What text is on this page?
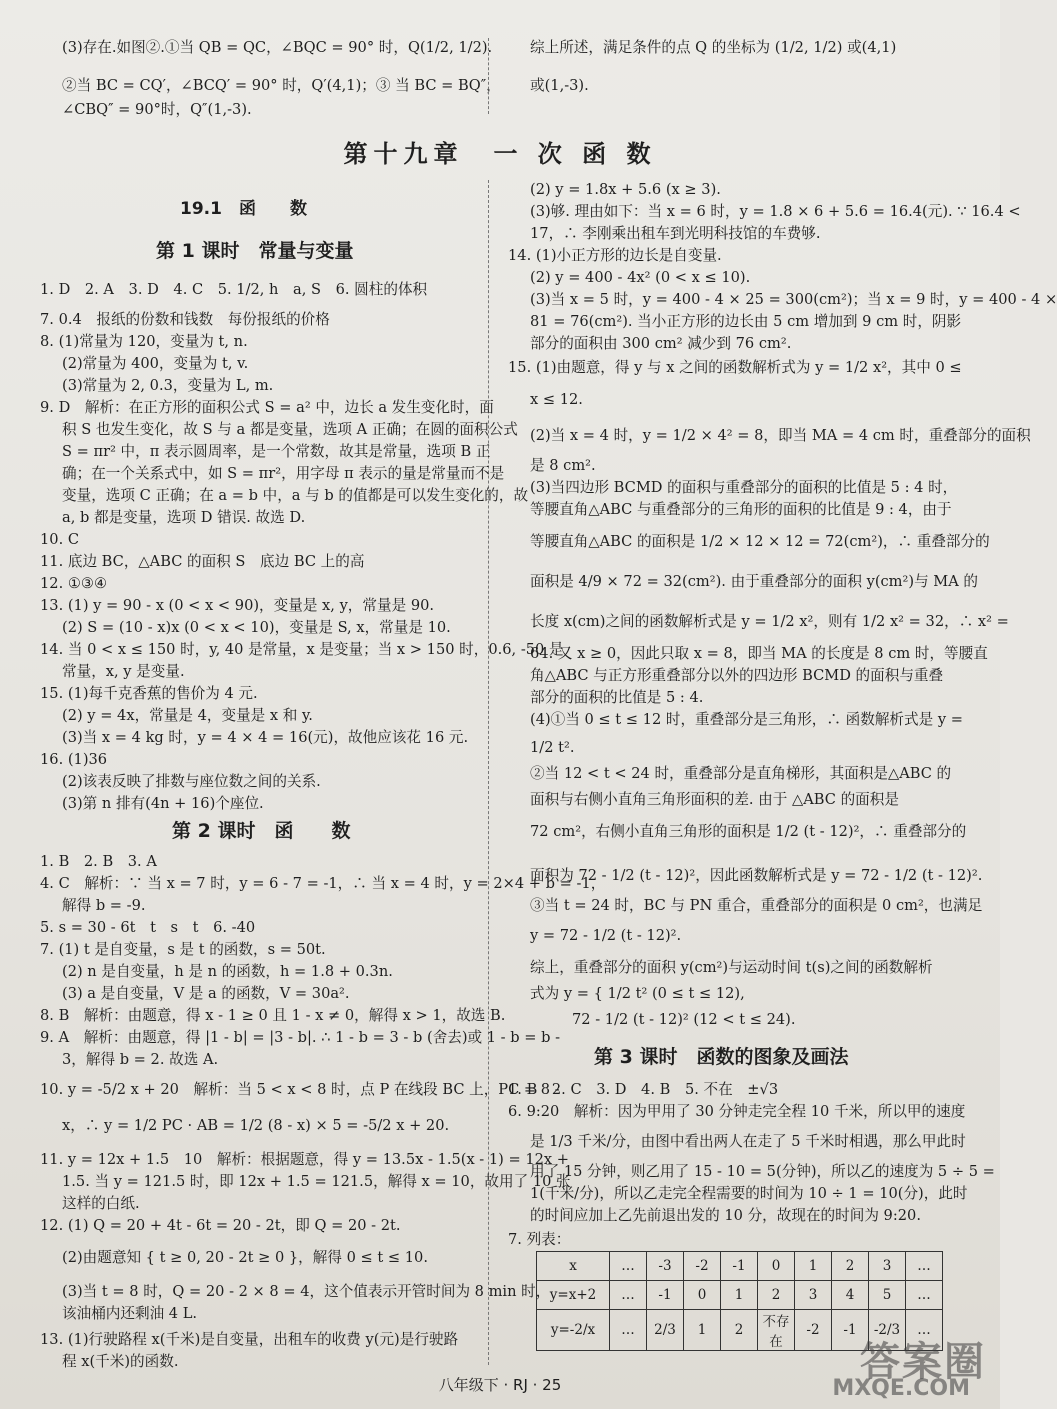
(3)存在.如图②.①当 QB = QC，∠BQC = 90° 时，Q(1/2, 1/2).
②当 BC = CQ′，∠BCQ′ = 90° 时，Q′(4,1)；③ 当 BC = BQ″，
∠CBQ″ = 90°时，Q″(1,-3).
综上所述，满足条件的点 Q 的坐标为 (1/2, 1/2) 或(4,1)
或(1,-3).
第十九章　一 次 函 数
19.1　函　　数
第 1 课时　常量与变量
1. D　2. A　3. D　4. C　5. 1/2, h　a, S　6. 圆柱的体积
7. 0.4　报纸的份数和钱数　每份报纸的价格
8. (1)常量为 120，变量为 t, n.
(2)常量为 400，变量为 t, v.
(3)常量为 2, 0.3，变量为 L, m.
9. D　解析：在正方形的面积公式 S = a² 中，边长 a 发生变化时，面
积 S 也发生变化，故 S 与 a 都是变量，选项 A 正确；在圆的面积公式
S = πr² 中，π 表示圆周率，是一个常数，故其是常量，选项 B 正
确；在一个关系式中，如 S = πr²，用字母 π 表示的量是常量而不是
变量，选项 C 正确；在 a = b 中，a 与 b 的值都是可以发生变化的，故
a, b 都是变量，选项 D 错误. 故选 D.
10. C
11. 底边 BC，△ABC 的面积 S　底边 BC 上的高
12. ①③④
13. (1) y = 90 - x (0 < x < 90)，变量是 x, y，常量是 90.
(2) S = (10 - x)x (0 < x < 10)，变量是 S, x，常量是 10.
14. 当 0 < x ≤ 150 时，y, 40 是常量，x 是变量；当 x > 150 时，0.6, -50 是
常量，x, y 是变量.
15. (1)每千克香蕉的售价为 4 元.
(2) y = 4x，常量是 4，变量是 x 和 y.
(3)当 x = 4 kg 时，y = 4 × 4 = 16(元)，故他应该花 16 元.
16. (1)36
(2)该表反映了排数与座位数之间的关系.
(3)第 n 排有(4n + 16)个座位.
第 2 课时　函　　数
1. B　2. B　3. A
4. C　解析：∵ 当 x = 7 时，y = 6 - 7 = -1，∴ 当 x = 4 时，y = 2×4 + b = -1，
解得 b = -9.
5. s = 30 - 6t　t　s　t　6. -40
7. (1) t 是自变量，s 是 t 的函数，s = 50t.
(2) n 是自变量，h 是 n 的函数，h = 1.8 + 0.3n.
(3) a 是自变量，V 是 a 的函数，V = 30a².
8. B　解析：由题意，得 x - 1 ≥ 0 且 1 - x ≠ 0，解得 x > 1，故选 B.
9. A　解析：由题意，得 |1 - b| = |3 - b|. ∴ 1 - b = 3 - b (舍去)或 1 - b = b -
3，解得 b = 2. 故选 A.
10. y = -5/2 x + 20　解析：当 5 < x < 8 时，点 P 在线段 BC 上，PC = 8 -
x，∴ y = 1/2 PC · AB = 1/2 (8 - x) × 5 = -5/2 x + 20.
11. y = 12x + 1.5　10　解析：根据题意，得 y = 13.5x - 1.5(x - 1) = 12x +
1.5. 当 y = 121.5 时，即 12x + 1.5 = 121.5，解得 x = 10，故用了 10 张
这样的白纸.
12. (1) Q = 20 + 4t - 6t = 20 - 2t，即 Q = 20 - 2t.
(2)由题意知 { t ≥ 0, 20 - 2t ≥ 0 }，解得 0 ≤ t ≤ 10.
(3)当 t = 8 时，Q = 20 - 2 × 8 = 4，这个值表示开管时间为 8 min 时，
该油桶内还剩油 4 L.
13. (1)行驶路程 x(千米)是自变量，出租车的收费 y(元)是行驶路
程 x(千米)的函数.
(2) y = 1.8x + 5.6 (x ≥ 3).
(3)够. 理由如下：当 x = 6 时，y = 1.8 × 6 + 5.6 = 16.4(元). ∵ 16.4 <
17，∴ 李刚乘出租车到光明科技馆的车费够.
14. (1)小正方形的边长是自变量.
(2) y = 400 - 4x² (0 < x ≤ 10).
(3)当 x = 5 时，y = 400 - 4 × 25 = 300(cm²)；当 x = 9 时，y = 400 - 4 ×
81 = 76(cm²). 当小正方形的边长由 5 cm 增加到 9 cm 时，阴影
部分的面积由 300 cm² 减少到 76 cm².
15. (1)由题意，得 y 与 x 之间的函数解析式为 y = 1/2 x²，其中 0 ≤
x ≤ 12.
(2)当 x = 4 时，y = 1/2 × 4² = 8，即当 MA = 4 cm 时，重叠部分的面积
是 8 cm².
(3)当四边形 BCMD 的面积与重叠部分的面积的比值是 5 : 4 时，
等腰直角△ABC 与重叠部分的三角形的面积的比值是 9 : 4，由于
等腰直角△ABC 的面积是 1/2 × 12 × 12 = 72(cm²)，∴ 重叠部分的
面积是 4/9 × 72 = 32(cm²). 由于重叠部分的面积 y(cm²)与 MA 的
长度 x(cm)之间的函数解析式是 y = 1/2 x²，则有 1/2 x² = 32，∴ x² =
64. 又 x ≥ 0，因此只取 x = 8，即当 MA 的长度是 8 cm 时，等腰直
角△ABC 与正方形重叠部分以外的四边形 BCMD 的面积与重叠
部分的面积的比值是 5 : 4.
(4)①当 0 ≤ t ≤ 12 时，重叠部分是三角形，∴ 函数解析式是 y =
1/2 t².
②当 12 < t < 24 时，重叠部分是直角梯形，其面积是△ABC 的
面积与右侧小直角三角形面积的差. 由于 △ABC 的面积是
72 cm²，右侧小直角三角形的面积是 1/2 (t - 12)²，∴ 重叠部分的
面积为 72 - 1/2 (t - 12)²，因此函数解析式是 y = 72 - 1/2 (t - 12)².
③当 t = 24 时，BC 与 PN 重合，重叠部分的面积是 0 cm²，也满足
y = 72 - 1/2 (t - 12)².
综上，重叠部分的面积 y(cm²)与运动时间 t(s)之间的函数解析
式为 y = { 1/2 t² (0 ≤ t ≤ 12),
72 - 1/2 (t - 12)² (12 < t ≤ 24).
第 3 课时　函数的图象及画法
1. B　2. C　3. D　4. B　5. 不在　±√3
6. 9:20　解析：因为甲用了 30 分钟走完全程 10 千米，所以甲的速度
是 1/3 千米/分，由图中看出两人在走了 5 千米时相遇，那么甲此时
用了 15 分钟，则乙用了 15 - 10 = 5(分钟)，所以乙的速度为 5 ÷ 5 =
1(千米/分)，所以乙走完全程需要的时间为 10 ÷ 1 = 10(分)，此时
的时间应加上乙先前退出发的 10 分，故现在的时间为 9:20.
7. 列表：
x	…	-3	-2	-1	0	1	2	3	…
y=x+2	…	-1	0	1	2	3	4	5	…
y=-2/x	…	2/3	1	2	不存在	-2	-1	-2/3	…
答案圈
MXQE.COM
八年级下 · RJ · 25
